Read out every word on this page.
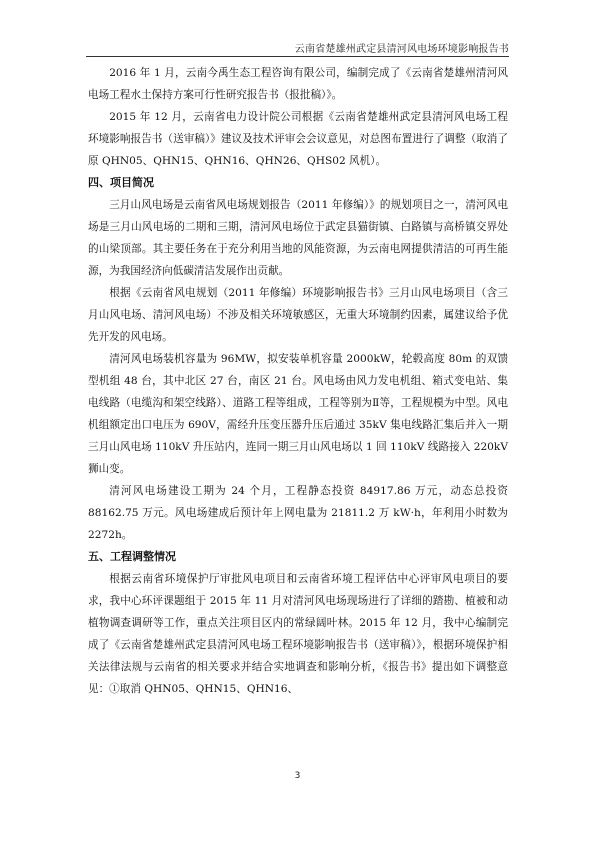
云南省楚雄州武定县清河风电场环境影响报告书

2016 年 1 月，云南今禹生态工程咨询有限公司，编制完成了《云南省楚雄州清河风电场工程水土保持方案可行性研究报告书（报批稿）》。

2015 年 12 月，云南省电力设计院公司根据《云南省楚雄州武定县清河风电场工程环境影响报告书（送审稿）》建议及技术评审会会议意见，对总图布置进行了调整（取消了原 QHN05、QHN15、QHN16、QHN26、QHS02 风机）。

四、项目简况

三月山风电场是云南省风电场规划报告（2011 年修编）》的规划项目之一，清河风电场是三月山风电场的二期和三期，清河风电场位于武定县猫街镇、白路镇与高桥镇交界处的山梁顶部。其主要任务在于充分利用当地的风能资源，为云南电网提供清洁的可再生能源，为我国经济向低碳清洁发展作出贡献。

根据《云南省风电规划（2011 年修编）环境影响报告书》三月山风电场项目（含三月山风电场、清河风电场）不涉及相关环境敏感区，无重大环境制约因素，属建议给予优先开发的风电场。

清河风电场装机容量为 96MW，拟安装单机容量 2000kW，轮毂高度 80m 的双馈型机组 48 台，其中北区 27 台，南区 21 台。风电场由风力发电机组、箱式变电站、集电线路（电缆沟和架空线路）、道路工程等组成，工程等别为Ⅱ等，工程规模为中型。风电机组额定出口电压为 690V，需经升压变压器升压后通过 35kV 集电线路汇集后并入一期三月山风电场 110kV 升压站内，连同一期三月山风电场以 1 回 110kV 线路接入 220kV 狮山变。

清河风电场建设工期为 24 个月，工程静态投资 84917.86 万元，动态总投资 88162.75 万元。风电场建成后预计年上网电量为 21811.2 万 kW·h，年利用小时数为 2272h。

五、工程调整情况

根据云南省环境保护厅审批风电项目和云南省环境工程评估中心评审风电项目的要求，我中心环评课题组于 2015 年 11 月对清河风电场现场进行了详细的踏勘、植被和动植物调查调研等工作，重点关注项目区内的常绿阔叶林。2015 年 12 月，我中心编制完成了《云南省楚雄州武定县清河风电场工程环境影响报告书（送审稿）》，根据环境保护相关法律法规与云南省的相关要求并结合实地调查和影响分析，《报告书》提出如下调整意见：①取消 QHN05、QHN15、QHN16、

3
